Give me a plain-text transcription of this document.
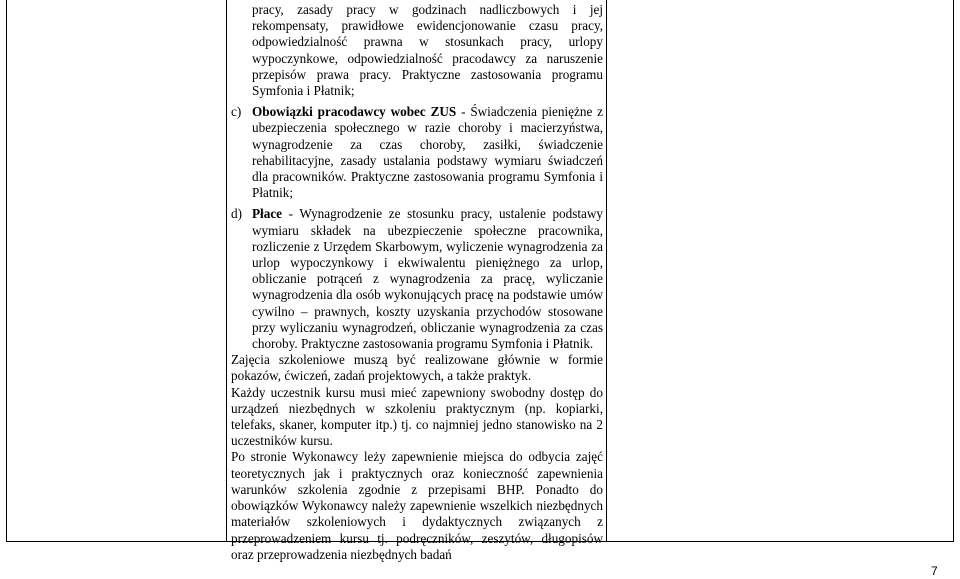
pracy, zasady pracy w godzinach nadliczbowych i jej rekompensaty, prawidłowe ewidencjonowanie czasu pracy, odpowiedzialność prawna w stosunkach pracy, urlopy wypoczynkowe, odpowiedzialność pracodawcy za naruszenie przepisów prawa pracy. Praktyczne zastosowania programu Symfonia i Płatnik;
c) Obowiązki pracodawcy wobec ZUS - Świadczenia pieniężne z ubezpieczenia społecznego w razie choroby i macierzyństwa, wynagrodzenie za czas choroby, zasiłki, świadczenie rehabilitacyjne, zasady ustalania podstawy wymiaru świadczeń dla pracowników. Praktyczne zastosowania programu Symfonia i Płatnik;
d) Płace - Wynagrodzenie ze stosunku pracy, ustalenie podstawy wymiaru składek na ubezpieczenie społeczne pracownika, rozliczenie z Urzędem Skarbowym, wyliczenie wynagrodzenia za urlop wypoczynkowy i ekwiwalentu pieniężnego za urlop, obliczanie potrąceń z wynagrodzenia za pracę, wyliczanie wynagrodzenia dla osób wykonujących pracę na podstawie umów cywilno – prawnych, koszty uzyskania przychodów stosowane przy wyliczaniu wynagrodzeń, obliczanie wynagrodzenia za czas choroby. Praktyczne zastosowania programu Symfonia i Płatnik.
Zajęcia szkoleniowe muszą być realizowane głównie w formie pokazów, ćwiczeń, zadań projektowych, a także praktyk.
Każdy uczestnik kursu musi mieć zapewniony swobodny dostęp do urządzeń niezbędnych w szkoleniu praktycznym (np. kopiarki, telefaks, skaner, komputer itp.) tj. co najmniej jedno stanowisko na 2 uczestników kursu.
Po stronie Wykonawcy leży zapewnienie miejsca do odbycia zajęć teoretycznych jak i praktycznych oraz konieczność zapewnienia warunków szkolenia zgodnie z przepisami BHP. Ponadto do obowiązków Wykonawcy należy zapewnienie wszelkich niezbędnych materiałów szkoleniowych i dydaktycznych związanych z przeprowadzeniem kursu tj. podręczników, zeszytów, długopisów oraz przeprowadzenia niezbędnych badań
7
